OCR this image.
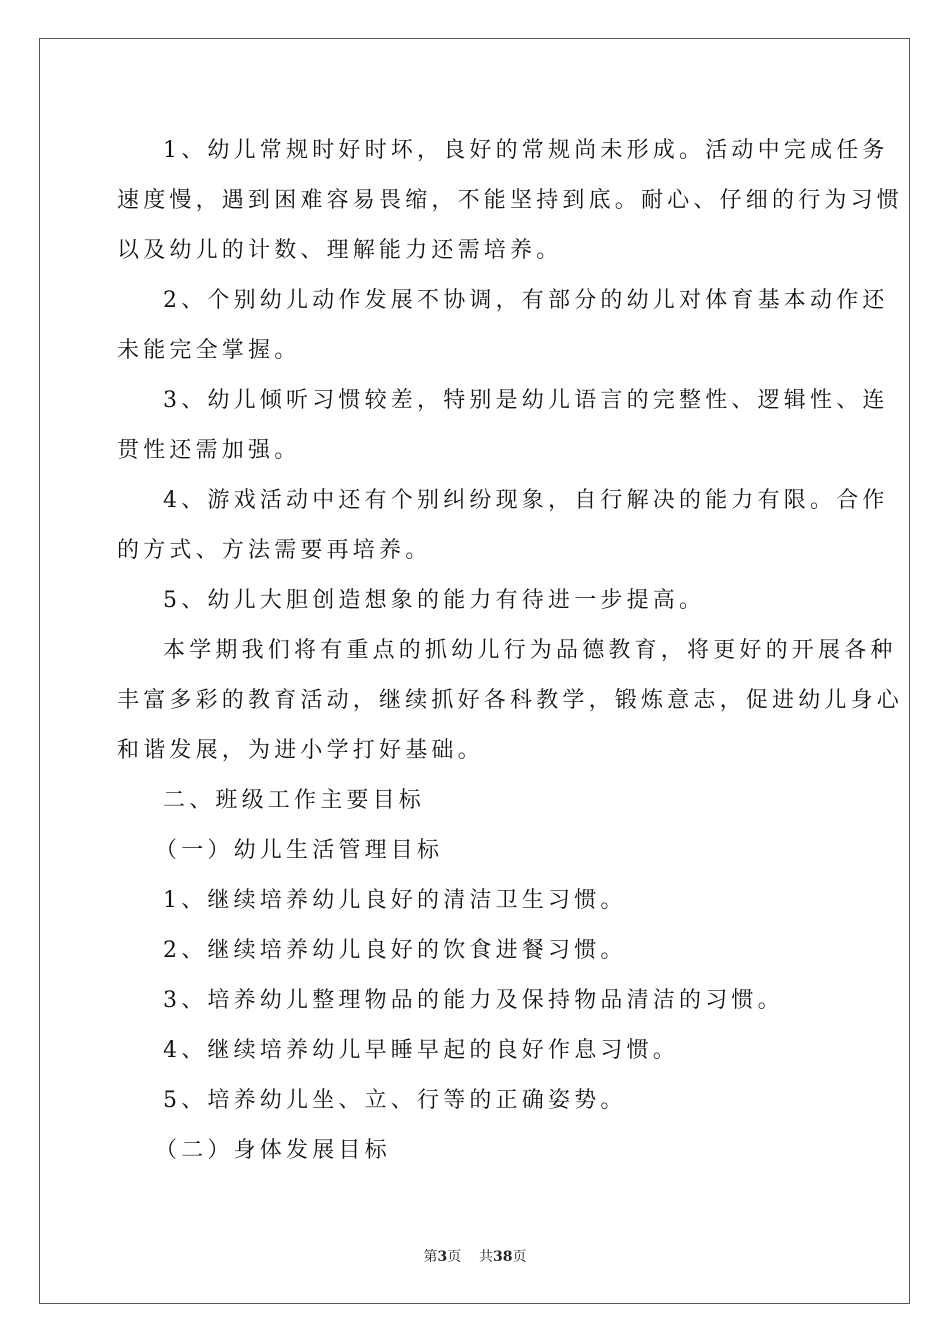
1、幼儿常规时好时坏，良好的常规尚未形成。活动中完成任务

速度慢，遇到困难容易畏缩，不能坚持到底。耐心、仔细的行为习惯

以及幼儿的计数、理解能力还需培养。

2、个别幼儿动作发展不协调，有部分的幼儿对体育基本动作还

未能完全掌握。

3、幼儿倾听习惯较差，特别是幼儿语言的完整性、逻辑性、连

贯性还需加强。

4、游戏活动中还有个别纠纷现象，自行解决的能力有限。合作

的方式、方法需要再培养。

5、幼儿大胆创造想象的能力有待进一步提高。

本学期我们将有重点的抓幼儿行为品德教育，将更好的开展各种

丰富多彩的教育活动，继续抓好各科教学，锻炼意志，促进幼儿身心

和谐发展，为进小学打好基础。

二、班级工作主要目标

（一）幼儿生活管理目标

1、继续培养幼儿良好的清洁卫生习惯。

2、继续培养幼儿良好的饮食进餐习惯。

3、培养幼儿整理物品的能力及保持物品清洁的习惯。

4、继续培养幼儿早睡早起的良好作息习惯。

5、培养幼儿坐、立、行等的正确姿势。

（二）身体发展目标

第3页 共38页
